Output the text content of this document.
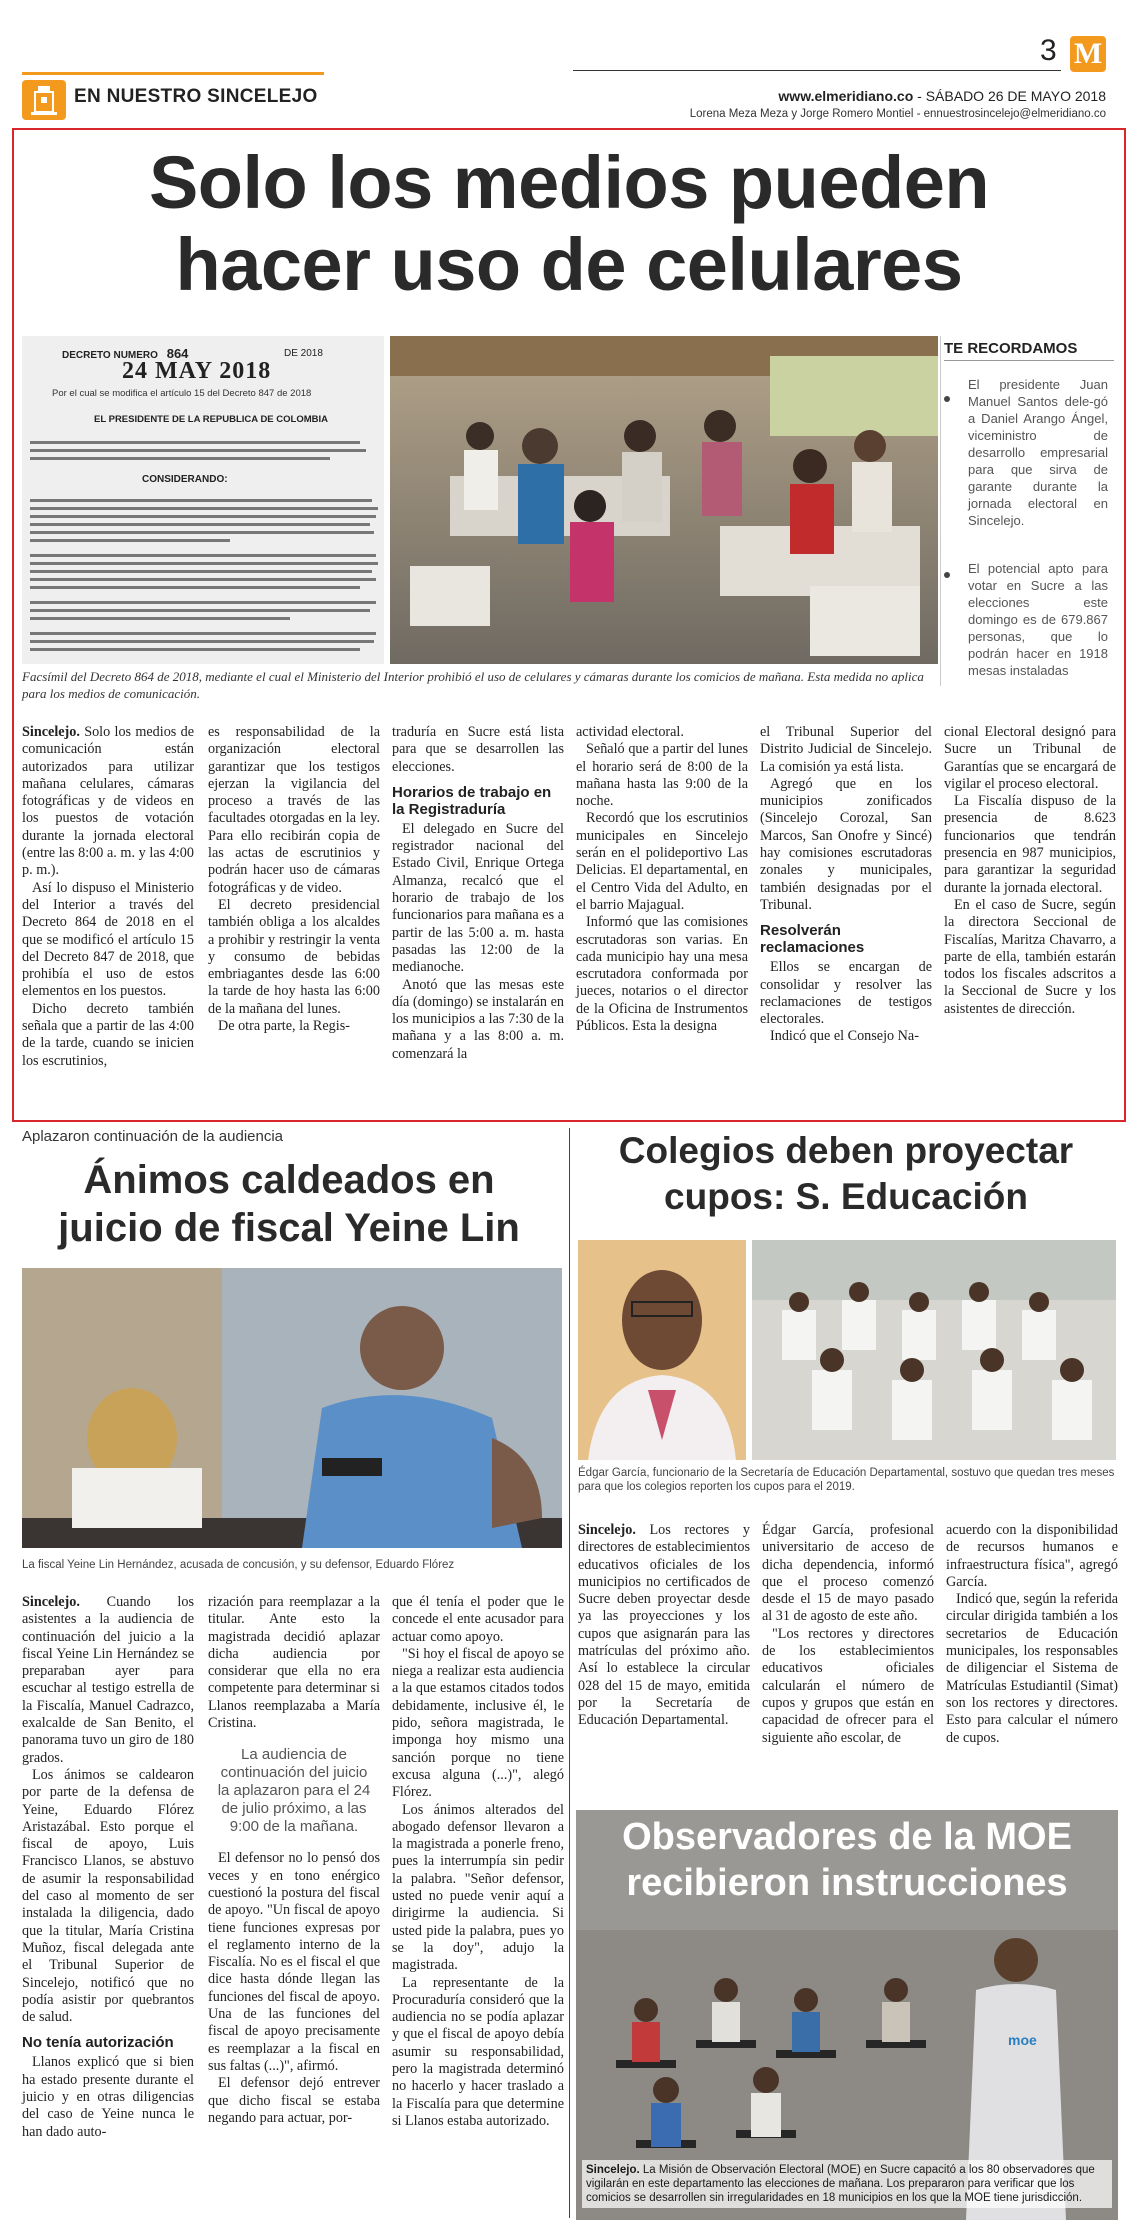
EN NUESTRO SINCELEJO
3 M
www.elmeridiano.co - SÁBADO 26 DE MAYO 2018
Lorena Meza Meza y Jorge Romero Montiel - ennuestrosincelejo@elmeridiano.co
Solo los medios pueden
hacer uso de celulares
DECRETO NUMERO 864	DE 2018
24 MAY 2018
Por el cual se modifica el artículo 15 del Decreto 847 de 2018
EL PRESIDENTE DE LA REPUBLICA DE COLOMBIA
CONSIDERANDO:
TE RECORDAMOS
El presidente Juan Manuel Santos dele-gó a Daniel Arango Ángel, viceministro de desarrollo empresarial para que sirva de garante durante la jornada electoral en Sincelejo.
El potencial apto para votar en Sucre a las elecciones este domingo es de 679.867 personas, que lo podrán hacer en 1918 mesas instaladas
Facsímil del Decreto 864 de 2018, mediante el cual el Ministerio del Interior prohibió el uso de celulares y cámaras durante los comicios de mañana. Esta medida no aplica para los medios de comunicación.

Sincelejo. Solo los medios de comunicación están autorizados para utilizar mañana celulares, cámaras fotográficas y de videos en los puestos de votación durante la jornada electoral (entre las 8:00 a. m. y las 4:00 p. m.).

Así lo dispuso el Ministerio del Interior a través del Decreto 864 de 2018 en el que se modificó el artículo 15 del Decreto 847 de 2018, que prohibía el uso de estos elementos en los puestos.

Dicho decreto también señala que a partir de las 4:00 de la tarde, cuando se inicien los escrutinios,

es responsabilidad de la organización electoral garantizar que los testigos ejerzan la vigilancia del proceso a través de las facultades otorgadas en la ley. Para ello recibirán copia de las actas de escrutinios y podrán hacer uso de cámaras fotográficas y de video.

El decreto presidencial también obliga a los alcaldes a prohibir y restringir la venta y consumo de bebidas embriagantes desde las 6:00 la tarde de hoy hasta las 6:00 de la mañana del lunes.

De otra parte, la Regis-

traduría en Sucre está lista para que se desarrollen las elecciones.

Horarios de trabajo en la Registraduría

El delegado en Sucre del registrador nacional del Estado Civil, Enrique Ortega Almanza, recalcó que el horario de trabajo de los funcionarios para mañana es a partir de las 5:00 a. m. hasta pasadas las 12:00 de la medianoche.

Anotó que las mesas este día (domingo) se instalarán en los municipios a las 7:30 de la mañana y a las 8:00 a. m. comenzará la

actividad electoral.

Señaló que a partir del lunes el horario será de 8:00 de la mañana hasta las 9:00 de la noche.

Recordó que los escrutinios municipales en Sincelejo serán en el polideportivo Las Delicias. El departamental, en el Centro Vida del Adulto, en el barrio Majagual.

Informó que las comisiones escrutadoras son varias. En cada municipio hay una mesa escrutadora conformada por jueces, notarios o el director de la Oficina de Instrumentos Públicos. Esta la designa

el Tribunal Superior del Distrito Judicial de Sincelejo. La comisión ya está lista.

Agregó que en los municipios zonificados (Sincelejo Corozal, San Marcos, San Onofre y Sincé) hay comisiones escrutadoras zonales y municipales, también designadas por el Tribunal.

Resolverán reclamaciones

Ellos se encargan de consolidar y resolver las reclamaciones de testigos electorales.

Indicó que el Consejo Na-

cional Electoral designó para Sucre un Tribunal de Garantías que se encargará de vigilar el proceso electoral.

La Fiscalía dispuso de la presencia de 8.623 funcionarios que tendrán presencia en 987 municipios, para garantizar la seguridad durante la jornada electoral.

En el caso de Sucre, según la directora Seccional de Fiscalías, Maritza Chavarro, a parte de ella, también estarán todos los fiscales adscritos a la Seccional de Sucre y los asistentes de dirección.

Aplazaron continuación de la audiencia
Ánimos caldeados en
juicio de fiscal Yeine Lin
La fiscal Yeine Lin Hernández, acusada de concusión, y su defensor, Eduardo Flórez

Sincelejo. Cuando los asistentes a la audiencia de continuación del juicio a la fiscal Yeine Lin Hernández se preparaban ayer para escuchar al testigo estrella de la Fiscalía, Manuel Cadrazco, exalcalde de San Benito, el panorama tuvo un giro de 180 grados.

Los ánimos se caldearon por parte de la defensa de Yeine, Eduardo Flórez Aristazábal. Esto porque el fiscal de apoyo, Luis Francisco Llanos, se abstuvo de asumir la responsabilidad del caso al momento de ser instalada la diligencia, dado que la titular, María Cristina Muñoz, fiscal delegada ante el Tribunal Superior de Sincelejo, notificó que no podía asistir por quebrantos de salud.

No tenía autorización

Llanos explicó que si bien ha estado presente durante el juicio y en otras diligencias del caso de Yeine nunca le han dado auto-

rización para reemplazar a la titular. Ante esto la magistrada decidió aplazar dicha audiencia por considerar que ella no era competente para determinar si Llanos reemplazaba a María Cristina.

La audiencia de continuación del juicio la aplazaron para el 24 de julio próximo, a las 9:00 de la mañana.

El defensor no lo pensó dos veces y en tono enérgico cuestionó la postura del fiscal de apoyo. "Un fiscal de apoyo tiene funciones expresas por el reglamento interno de la Fiscalía. No es el fiscal el que dice hasta dónde llegan las funciones del fiscal de apoyo. Una de las funciones del fiscal de apoyo precisamente es reemplazar a la fiscal en sus faltas (...)", afirmó.

El defensor dejó entrever que dicho fiscal se estaba negando para actuar, por-

que él tenía el poder que le concede el ente acusador para actuar como apoyo.

"Si hoy el fiscal de apoyo se niega a realizar esta audiencia a la que estamos citados todos debidamente, inclusive él, le pido, señora magistrada, le imponga hoy mismo una sanción porque no tiene excusa alguna (...)", alegó Flórez.

Los ánimos alterados del abogado defensor llevaron a la magistrada a ponerle freno, pues la interrumpía sin pedir la palabra. "Señor defensor, usted no puede venir aquí a dirigirme la audiencia. Si usted pide la palabra, pues yo se la doy", adujo la magistrada.

La representante de la Procuraduría consideró que la audiencia no se podía aplazar y que el fiscal de apoyo debía asumir su responsabilidad, pero la magistrada determinó no hacerlo y hacer traslado a la Fiscalía para que determine si Llanos estaba autorizado.

Colegios deben proyectar
cupos: S. Educación
Édgar García, funcionario de la Secretaría de Educación Departamental, sostuvo que quedan tres meses para que los colegios reporten los cupos para el 2019.

Sincelejo. Los rectores y directores de establecimientos educativos oficiales de los municipios no certificados de Sucre deben proyectar desde ya las proyecciones y los cupos que asignarán para las matrículas del próximo año. Así lo establece la circular 028 del 15 de mayo, emitida por la Secretaría de Educación Departamental.

Édgar García, profesional universitario de acceso de dicha dependencia, informó que el proceso comenzó desde el 15 de mayo pasado al 31 de agosto de este año.

"Los rectores y directores de los establecimientos educativos oficiales calcularán el número de cupos y grupos que están en capacidad de ofrecer para el siguiente año escolar, de

acuerdo con la disponibilidad de recursos humanos e infraestructura física", agregó García.

Indicó que, según la referida circular dirigida también a los secretarios de Educación municipales, los responsables de diligenciar el Sistema de Matrículas Estudiantil (Simat) son los rectores y directores. Esto para calcular el número de cupos.

moe
Observadores de la MOE
recibieron instrucciones
Sincelejo. La Misión de Observación Electoral (MOE) en Sucre capacitó a los 80 observadores que vigilarán en este departamento las elecciones de mañana. Los prepararon para verificar que los comicios se desarrollen sin irregularidades en 18 municipios en los que la MOE tiene jurisdicción.
